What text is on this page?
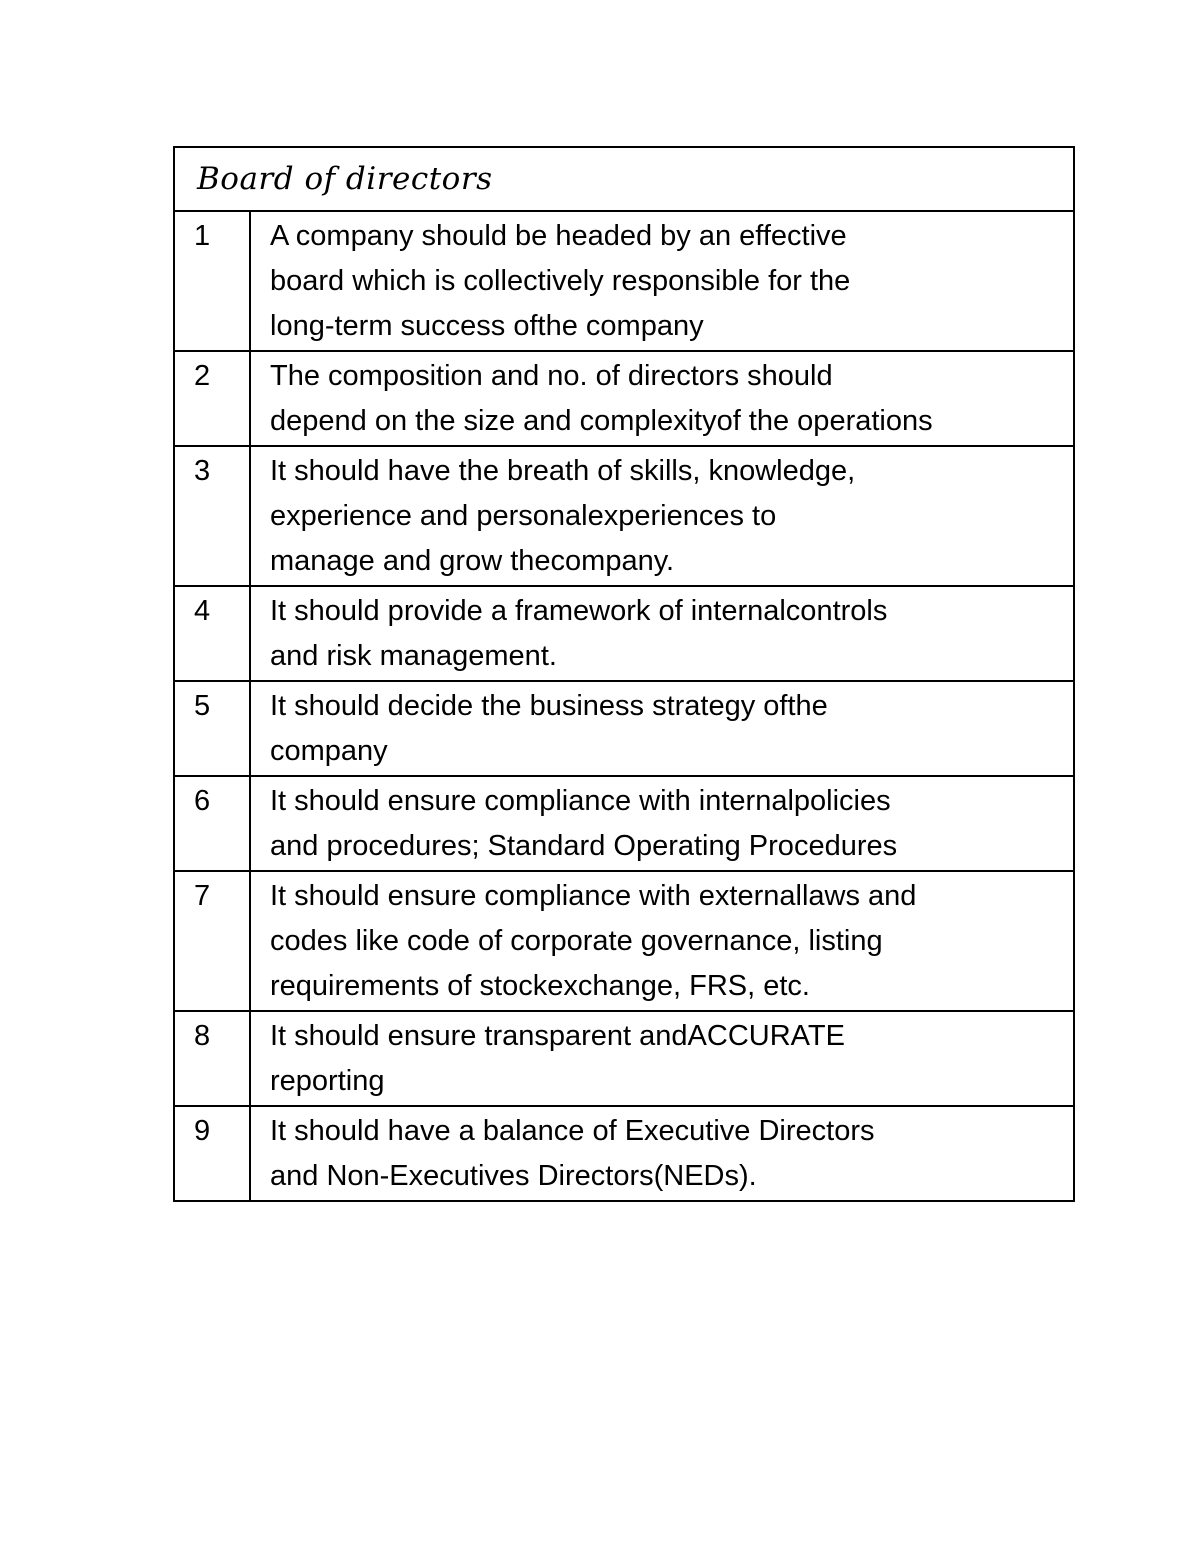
Board of directors	
1	A company should be headed by an effective
board which is collectively responsible for the
long-term success ofthe company
2	The composition and no. of directors should
depend on the size and complexityof the operations
3	It should have the breath of skills, knowledge,
experience and personalexperiences to
manage and grow thecompany.
4	It should provide a framework of internalcontrols
and risk management.
5	It should decide the business strategy ofthe
company
6	It should ensure compliance with internalpolicies
and procedures; Standard Operating Procedures
7	It should ensure compliance with externallaws and
codes like code of corporate governance, listing
requirements of stockexchange, FRS, etc.
8	It should ensure transparent andACCURATE
reporting
9	It should have a balance of Executive Directors
and Non-Executives Directors(NEDs).
